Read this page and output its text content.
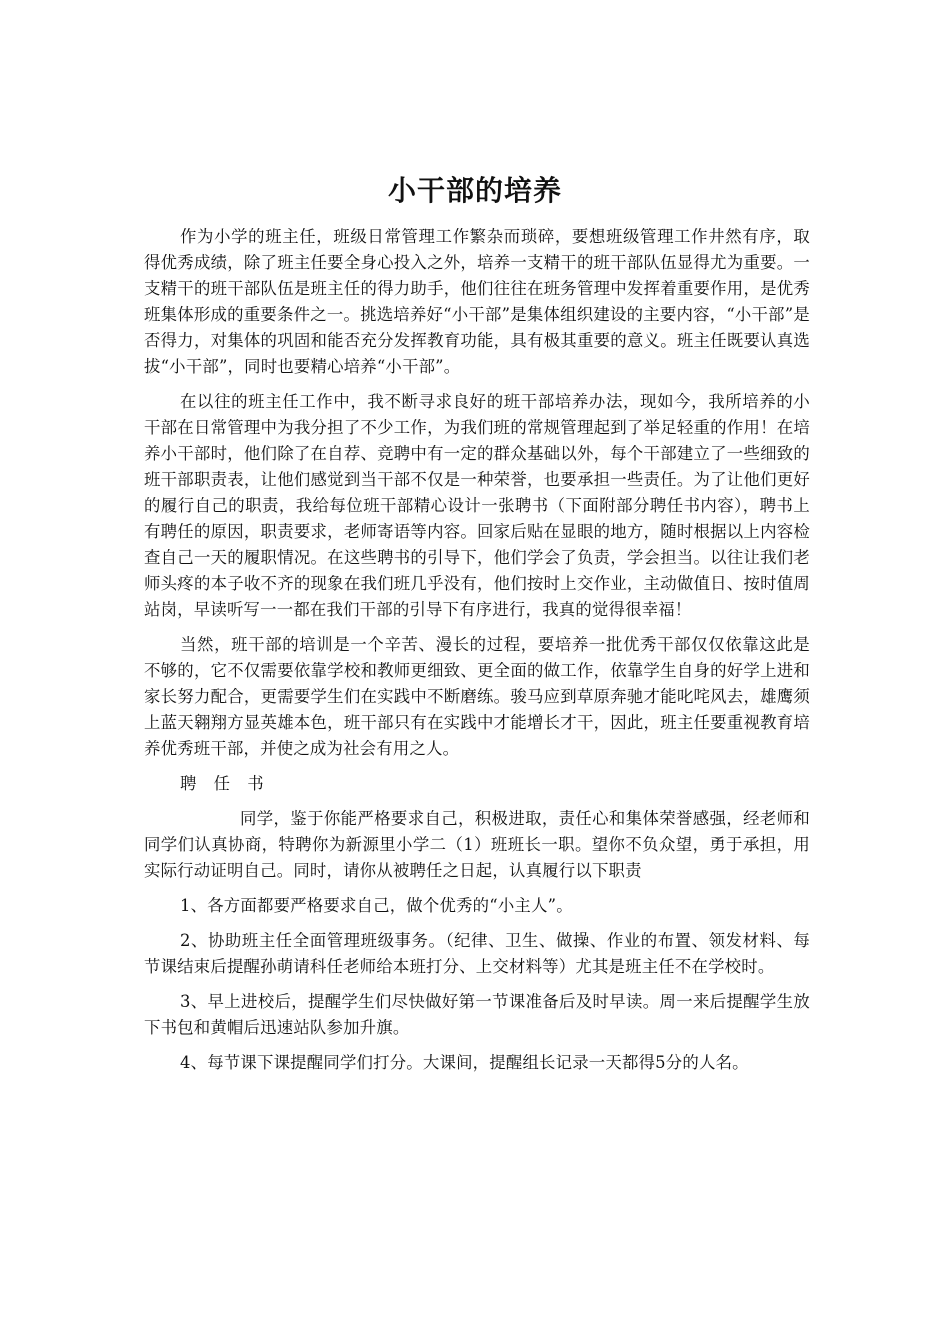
小干部的培养

作为小学的班主任，班级日常管理工作繁杂而琐碎，要想班级管理工作井然有序，取得优秀成绩，除了班主任要全身心投入之外，培养一支精干的班干部队伍显得尤为重要。一支精干的班干部队伍是班主任的得力助手，他们往往在班务管理中发挥着重要作用，是优秀班集体形成的重要条件之一。挑选培养好“小干部”是集体组织建设的主要内容，“小干部”是否得力，对集体的巩固和能否充分发挥教育功能，具有极其重要的意义。班主任既要认真选拔“小干部”，同时也要精心培养“小干部”。

在以往的班主任工作中，我不断寻求良好的班干部培养办法，现如今，我所培养的小干部在日常管理中为我分担了不少工作，为我们班的常规管理起到了举足轻重的作用！在培养小干部时，他们除了在自荐、竞聘中有一定的群众基础以外，每个干部建立了一些细致的班干部职责表，让他们感觉到当干部不仅是一种荣誉，也要承担一些责任。为了让他们更好的履行自己的职责，我给每位班干部精心设计一张聘书（下面附部分聘任书内容），聘书上有聘任的原因，职责要求，老师寄语等内容。回家后贴在显眼的地方，随时根据以上内容检查自己一天的履职情况。在这些聘书的引导下，他们学会了负责，学会担当。以往让我们老师头疼的本子收不齐的现象在我们班几乎没有，他们按时上交作业，主动做值日、按时值周站岗，早读听写一一都在我们干部的引导下有序进行，我真的觉得很幸福！

当然，班干部的培训是一个辛苦、漫长的过程，要培养一批优秀干部仅仅依靠这此是不够的，它不仅需要依靠学校和教师更细致、更全面的做工作，依靠学生自身的好学上进和家长努力配合，更需要学生们在实践中不断磨练。骏马应到草原奔驰才能叱咤风去，雄鹰须上蓝天翱翔方显英雄本色，班干部只有在实践中才能增长才干，因此，班主任要重视教育培养优秀班干部，并使之成为社会有用之人。

聘 任 书

同学，鉴于你能严格要求自己，积极进取，责任心和集体荣誉感强，经老师和同学们认真协商，特聘你为新源里小学二（1）班班长一职。望你不负众望，勇于承担，用实际行动证明自己。同时，请你从被聘任之日起，认真履行以下职责

1、各方面都要严格要求自己，做个优秀的“小主人”。

2、协助班主任全面管理班级事务。（纪律、卫生、做操、作业的布置、领发材料、每节课结束后提醒孙萌请科任老师给本班打分、上交材料等）尤其是班主任不在学校时。

3、早上进校后，提醒学生们尽快做好第一节课准备后及时早读。周一来后提醒学生放下书包和黄帽后迅速站队参加升旗。

4、每节课下课提醒同学们打分。大课间，提醒组长记录一天都得5分的人名。
